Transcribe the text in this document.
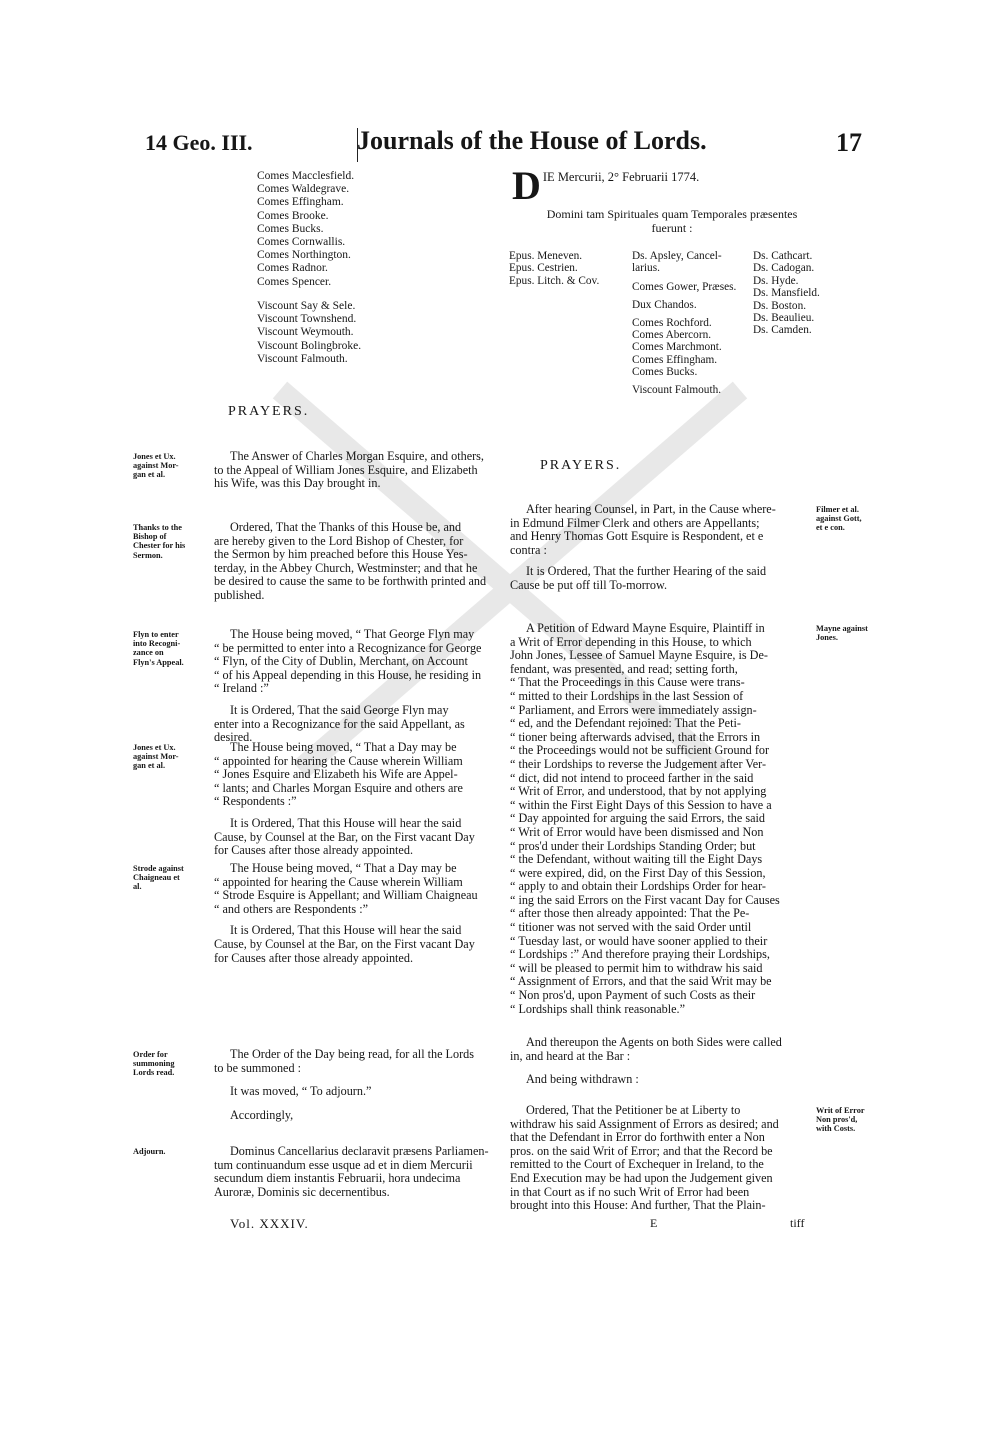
14 Geo. III.	Journals of the House of Lords.	17
Comes Macclesfield.
Comes Waldegrave.
Comes Effingham.
Comes Brooke.
Comes Bucks.
Comes Cornwallis.
Comes Northington.
Comes Radnor.
Comes Spencer.
Viscount Say & Sele.
Viscount Townshend.
Viscount Weymouth.
Viscount Bolingbroke.
Viscount Falmouth.
PRAYERS.
Jones et Ux.
against Mor-
gan et al.
The Answer of Charles Morgan Esquire, and others,
to the Appeal of William Jones Esquire, and Elizabeth
his Wife, was this Day brought in.
Thanks to the
Bishop of
Chester for his
Sermon.
Ordered, That the Thanks of this House be, and
are hereby given to the Lord Bishop of Chester, for
the Sermon by him preached before this House Yes-
terday, in the Abbey Church, Westminster; and that he
be desired to cause the same to be forthwith printed and
published.
Flyn to enter
into Recogni-
zance on
Flyn's Appeal.
The House being moved, “ That George Flyn may
“ be permitted to enter into a Recognizance for George
“ Flyn, of the City of Dublin, Merchant, on Account
“ of his Appeal depending in this House, he residing in
“ Ireland :”
It is Ordered, That the said George Flyn may
enter into a Recognizance for the said Appellant, as
desired.
Jones et Ux.
against Mor-
gan et al.
The House being moved, “ That a Day may be
“ appointed for hearing the Cause wherein William
“ Jones Esquire and Elizabeth his Wife are Appel-
“ lants; and Charles Morgan Esquire and others are
“ Respondents :”
It is Ordered, That this House will hear the said
Cause, by Counsel at the Bar, on the First vacant Day
for Causes after those already appointed.
Strode against
Chaigneau et
al.
The House being moved, “ That a Day may be
“ appointed for hearing the Cause wherein William
“ Strode Esquire is Appellant; and William Chaigneau
“ and others are Respondents :”
It is Ordered, That this House will hear the said
Cause, by Counsel at the Bar, on the First vacant Day
for Causes after those already appointed.
Order for
summoning
Lords read.
The Order of the Day being read, for all the Lords
to be summoned :
It was moved, “ To adjourn.”
Accordingly,
Adjourn.	Dominus Cancellarius declaravit præsens Parliamen-
tum continuandum esse usque ad et in diem Mercurii
secundum diem instantis Februarii, hora undecima
Auroræ, Dominis sic decernentibus.
Vol. XXXIV.
D IE Mercurii, 2° Februarii 1774.
Domini tam Spirituales quam Temporales præsentes
fuerunt :
Epus. Meneven.
Epus. Cestrien.
Epus. Litch. & Cov.
Ds. Apsley, Cancel-
larius.
Comes Gower, Præses.
Dux Chandos.
Comes Rochford.
Comes Abercorn.
Comes Marchmont.
Comes Effingham.
Comes Bucks.
Viscount Falmouth.
Ds. Cathcart.
Ds. Cadogan.
Ds. Hyde.
Ds. Mansfield.
Ds. Boston.
Ds. Beaulieu.
Ds. Camden.
PRAYERS.
Filmer et al.
against Gott,
et e con.
After hearing Counsel, in Part, in the Cause where-
in Edmund Filmer Clerk and others are Appellants;
and Henry Thomas Gott Esquire is Respondent, et e
contra :
It is Ordered, That the further Hearing of the said
Cause be put off till To-morrow.
Mayne against
Jones.
A Petition of Edward Mayne Esquire, Plaintiff in
a Writ of Error depending in this House, to which
John Jones, Lessee of Samuel Mayne Esquire, is De-
fendant, was presented, and read; setting forth,
“ That the Proceedings in this Cause were trans-
“ mitted to their Lordships in the last Session of
“ Parliament, and Errors were immediately assign-
“ ed, and the Defendant rejoined: That the Peti-
“ tioner being afterwards advised, that the Errors in
“ the Proceedings would not be sufficient Ground for
“ their Lordships to reverse the Judgement after Ver-
“ dict, did not intend to proceed farther in the said
“ Writ of Error, and understood, that by not applying
“ within the First Eight Days of this Session to have a
“ Day appointed for arguing the said Errors, the said
“ Writ of Error would have been dismissed and Non
“ pros'd under their Lordships Standing Order; but
“ the Defendant, without waiting till the Eight Days
“ were expired, did, on the First Day of this Session,
“ apply to and obtain their Lordships Order for hear-
“ ing the said Errors on the First vacant Day for Causes
“ after those then already appointed: That the Pe-
“ titioner was not served with the said Order until
“ Tuesday last, or would have sooner applied to their
“ Lordships :” And therefore praying their Lordships,
“ will be pleased to permit him to withdraw his said
“ Assignment of Errors, and that the said Writ may be
“ Non pros'd, upon Payment of such Costs as their
“ Lordships shall think reasonable.”
And thereupon the Agents on both Sides were called
in, and heard at the Bar :
And being withdrawn :
Writ of Error
Non pros'd,
with Costs.
Ordered, That the Petitioner be at Liberty to
withdraw his said Assignment of Errors as desired; and
that the Defendant in Error do forthwith enter a Non
pros. on the said Writ of Error; and that the Record be
remitted to the Court of Exchequer in Ireland, to the
End Execution may be had upon the Judgement given
in that Court as if no such Writ of Error had been
brought into this House: And further, That the Plain-
E	tiff
